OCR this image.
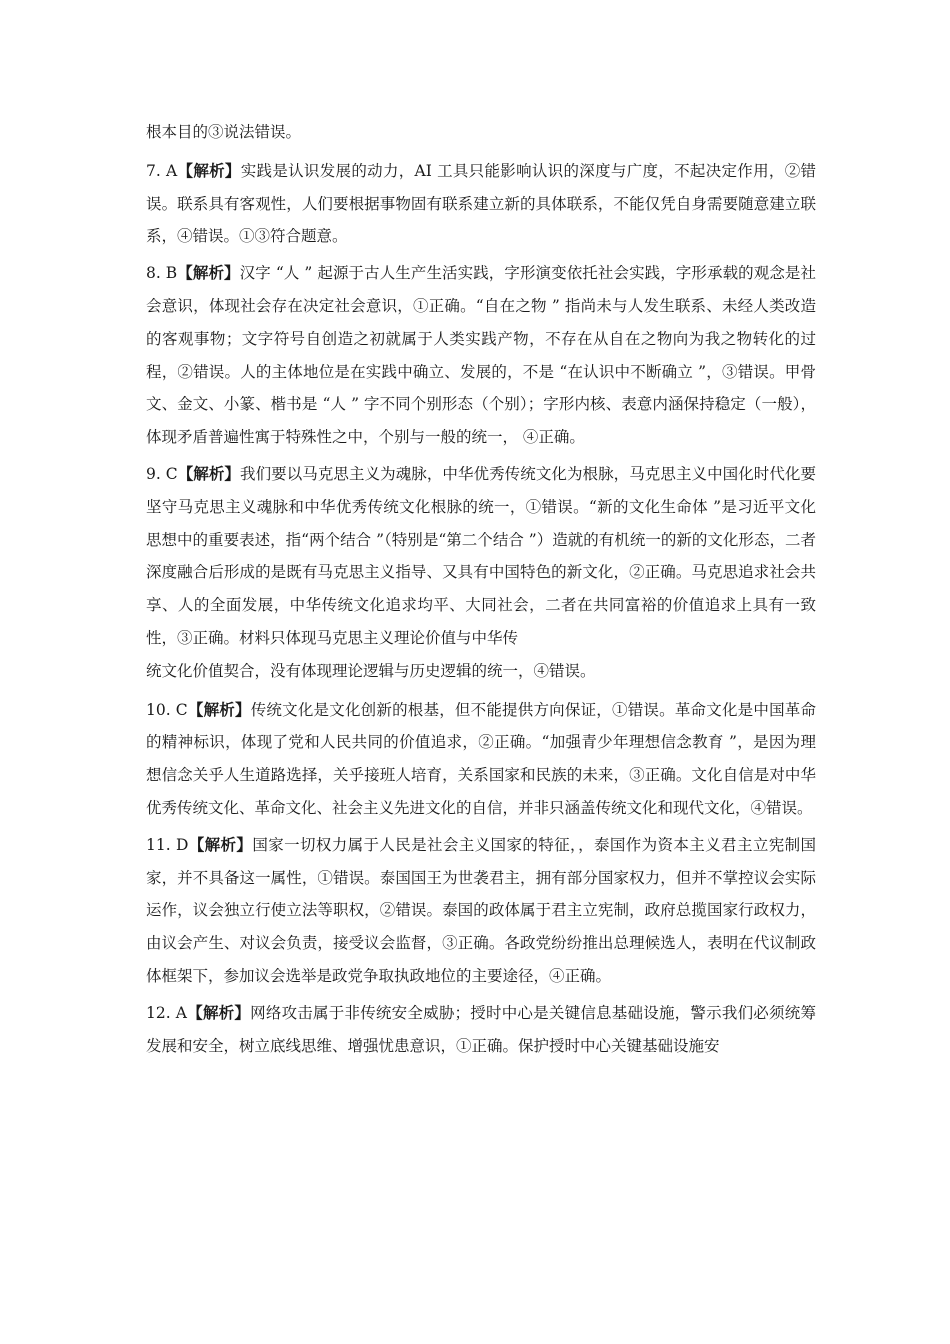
根本目的③说法错误。

7. A【解析】实践是认识发展的动力，AI 工具只能影响认识的深度与广度，不起决定作用，②错误。联系具有客观性，人们要根据事物固有联系建立新的具体联系，不能仅凭自身需要随意建立联系，④错误。①③符合题意。

8. B【解析】汉字 “人 ” 起源于古人生产生活实践，字形演变依托社会实践，字形承载的观念是社会意识，体现社会存在决定社会意识，①正确。“自在之物 ” 指尚未与人发生联系、未经人类改造的客观事物；文字符号自创造之初就属于人类实践产物，不存在从自在之物向为我之物转化的过程，②错误。人的主体地位是在实践中确立、发展的，不是 “在认识中不断确立 ”，③错误。甲骨文、金文、小篆、楷书是 “人 ” 字不同个别形态（个别）；字形内核、表意内涵保持稳定（一般），体现矛盾普遍性寓于特殊性之中，个别与一般的统一， ④正确。

9. C【解析】我们要以马克思主义为魂脉，中华优秀传统文化为根脉，马克思主义中国化时代化要坚守马克思主义魂脉和中华优秀传统文化根脉的统一，①错误。“新的文化生命体 ”是习近平文化思想中的重要表述，指“两个结合 ”（特别是“第二个结合 ”）造就的有机统一的新的文化形态，二者深度融合后形成的是既有马克思主义指导、又具有中国特色的新文化，②正确。马克思追求社会共享、人的全面发展，中华传统文化追求均平、大同社会，二者在共同富裕的价值追求上具有一致性，③正确。材料只体现马克思主义理论价值与中华传

统文化价值契合，没有体现理论逻辑与历史逻辑的统一，④错误。

10. C【解析】传统文化是文化创新的根基，但不能提供方向保证，①错误。革命文化是中国革命的精神标识，体现了党和人民共同的价值追求，②正确。“加强青少年理想信念教育 ”，是因为理想信念关乎人生道路选择，关乎接班人培育，关系国家和民族的未来，③正确。文化自信是对中华优秀传统文化、革命文化、社会主义先进文化的自信，并非只涵盖传统文化和现代文化，④错误。

11. D【解析】国家一切权力属于人民是社会主义国家的特征，，泰国作为资本主义君主立宪制国家，并不具备这一属性，①错误。泰国国王为世袭君主，拥有部分国家权力，但并不掌控议会实际运作，议会独立行使立法等职权，②错误。泰国的政体属于君主立宪制，政府总揽国家行政权力，由议会产生、对议会负责，接受议会监督，③正确。各政党纷纷推出总理候选人，表明在代议制政体框架下，参加议会选举是政党争取执政地位的主要途径，④正确。

12. A【解析】网络攻击属于非传统安全威胁；授时中心是关键信息基础设施，警示我们必须统筹发展和安全，树立底线思维、增强忧患意识，①正确。保护授时中心关键基础设施安
